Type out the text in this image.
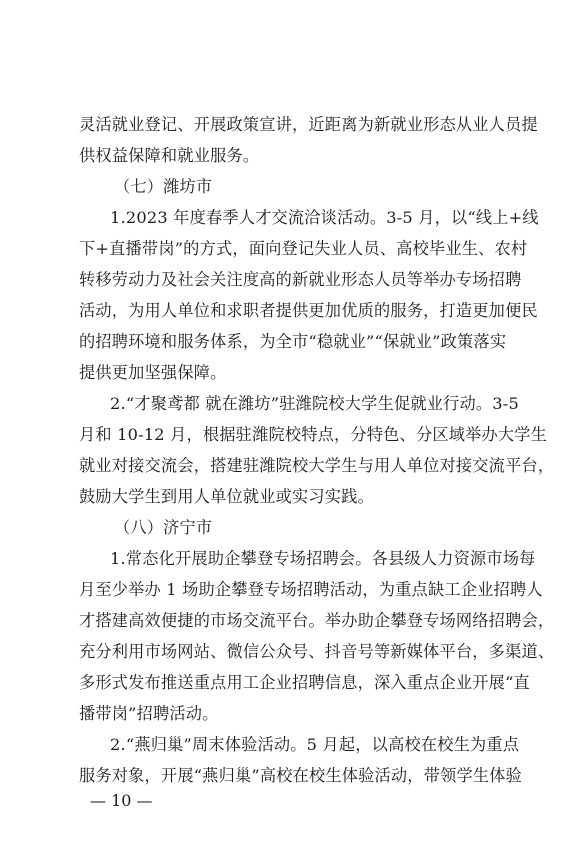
灵活就业登记、开展政策宣讲，近距离为新就业形态从业人员提
供权益保障和就业服务。
（七）潍坊市
1.2023 年度春季人才交流洽谈活动。3-5 月，以“线上+线
下+直播带岗”的方式，面向登记失业人员、高校毕业生、农村
转移劳动力及社会关注度高的新就业形态人员等举办专场招聘
活动，为用人单位和求职者提供更加优质的服务，打造更加便民
的招聘环境和服务体系，为全市“稳就业”“保就业”政策落实
提供更加坚强保障。
2.“才聚鸢都 就在潍坊”驻潍院校大学生促就业行动。3-5
月和 10-12 月，根据驻潍院校特点，分特色、分区域举办大学生
就业对接交流会，搭建驻潍院校大学生与用人单位对接交流平台，
鼓励大学生到用人单位就业或实习实践。
（八）济宁市
1.常态化开展助企攀登专场招聘会。各县级人力资源市场每
月至少举办 1 场助企攀登专场招聘活动，为重点缺工企业招聘人
才搭建高效便捷的市场交流平台。举办助企攀登专场网络招聘会，
充分利用市场网站、微信公众号、抖音号等新媒体平台，多渠道、
多形式发布推送重点用工企业招聘信息，深入重点企业开展“直
播带岗”招聘活动。
2.“燕归巢”周末体验活动。5 月起，以高校在校生为重点
服务对象，开展“燕归巢”高校在校生体验活动，带领学生体验
— 10 —
